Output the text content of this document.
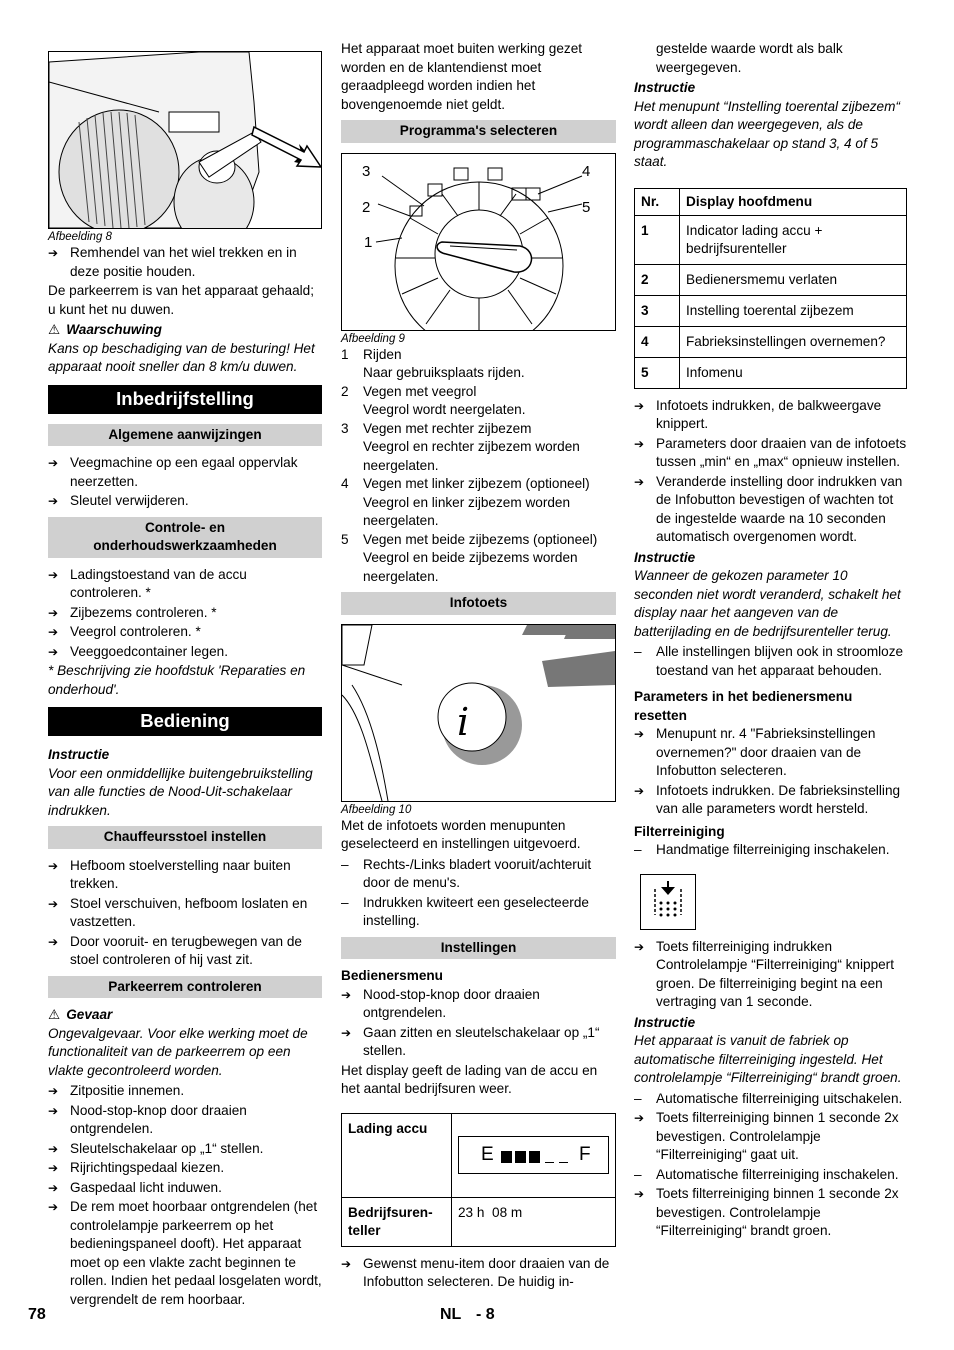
Afbeelding 8
➔ Remhendel van het wiel trekken en in deze positie houden.
De parkeerrem is van het apparaat gehaald; u kunt het nu duwen.
⚠ Waarschuwing
Kans op beschadiging van de besturing! Het apparaat nooit sneller dan 8 km/u duwen.
Inbedrijfstelling
Algemene aanwijzingen
➔ Veegmachine op een egaal oppervlak neerzetten.
➔ Sleutel verwijderen.
Controle- en onderhoudswerkzaamheden
➔ Ladingstoestand van de accu controleren. *
➔ Zijbezems controleren. *
➔ Veegrol controleren. *
➔ Veeggoedcontainer legen.
* Beschrijving zie hoofdstuk 'Reparaties en onderhoud'.
Bediening
Instructie
Voor een onmiddellijke buitengebruikstelling van alle functies de Nood-Uit-schakelaar indrukken.
Chauffeursstoel instellen
➔ Hefboom stoelverstelling naar buiten trekken.
➔ Stoel verschuiven, hefboom loslaten en vastzetten.
➔ Door vooruit- en terugbewegen van de stoel controleren of hij vast zit.
Parkeerrem controleren
⚠ Gevaar
Ongevalgevaar. Voor elke werking moet de functionaliteit van de parkeerrem op een vlakte gecontroleerd worden.
➔ Zitpositie innemen.
➔ Nood-stop-knop door draaien ontgrendelen.
➔ Sleutelschakelaar op „1“ stellen.
➔ Rijrichtingspedaal kiezen.
➔ Gaspedaal licht induwen.
➔ De rem moet hoorbaar ontgrendelen (het controlelampje parkeerrem op het bedieningspaneel dooft). Het apparaat moet op een vlakte zacht beginnen te rollen. Indien het pedaal losgelaten wordt, vergrendelt de rem hoorbaar.
Het apparaat moet buiten werking gezet worden en de klantendienst moet geraadpleegd worden indien het bovengenoemde niet geldt.
Programma's selecteren
1
2
3	4
5
Afbeelding 9
1 Rijden
Naar gebruiksplaats rijden.
2 Vegen met veegrol
Veegrol wordt neergelaten.
3 Vegen met rechter zijbezem
Veegrol en rechter zijbezem worden neergelaten.
4 Vegen met linker zijbezem (optioneel)
Veegrol en linker zijbezem worden neergelaten.
5 Vegen met beide zijbezems (optioneel)
Veegrol en beide zijbezems worden neergelaten.
Infotoets
i
Afbeelding 10
Met de infotoets worden menupunten geselecteerd en instellingen uitgevoerd.
– Rechts-/Links bladert vooruit/achteruit door de menu's.
– Indrukken kwiteert een geselecteerde instelling.
Instellingen
Bedienersmenu
➔ Nood-stop-knop door draaien ontgrendelen.
➔ Gaan zitten en sleutelschakelaar op „1“ stellen.
Het display geeft de lading van de accu en het aantal bedrijfsuren weer.
Lading accu	E F

Bedrijfsurenteller	23 h  08 m
➔ Gewenst menu-item door draaien van de Infobutton selecteren. De huidig in-
gestelde waarde wordt als balk weergegeven.
Instructie
Het menupunt “Instelling toerental zijbezem“ wordt alleen dan weergegeven, als de programmaschakelaar op stand 3, 4 of 5 staat.
Nr.	Display hoofdmenu
1	Indicator lading accu + bedrijfsurenteller
2	Bedienersmemu verlaten
3	Instelling toerental zijbezem
4	Fabrieksinstellingen overnemen?
5	Infomenu
➔ Infotoets indrukken, de balkweergave knippert.
➔ Parameters door draaien van de infotoets tussen „min“ en „max“ opnieuw instellen.
➔ Veranderde instelling door indrukken van de Infobutton bevestigen of wachten tot de ingestelde waarde na 10 seconden automatisch overgenomen wordt.
Instructie
Wanneer de gekozen parameter 10 seconden niet wordt veranderd, schakelt het display naar het aangeven van de batterijlading en de bedrijfsurenteller terug.
– Alle instellingen blijven ook in stroomloze toestand van het apparaat behouden.
Parameters in het bedienersmenu resetten
➔ Menupunt nr. 4 "Fabrieksinstellingen overnemen?" door draaien van de Infobutton selecteren.
➔ Infotoets indrukken. De fabrieksinstelling van alle parameters wordt hersteld.
Filterreiniging
– Handmatige filterreiniging inschakelen.
➔ Toets filterreiniging indrukken Controlelampje “Filterreiniging“ knippert groen. De filterreiniging begint na een vertraging van 1 seconde.
Instructie
Het apparaat is vanuit de fabriek op automatische filterreiniging ingesteld. Het controlelampje “Filterreiniging“ brandt groen.
– Automatische filterreiniging uitschakelen.
➔ Toets filterreiniging binnen 1 seconde 2x bevestigen. Controlelampje “Filterreiniging“ gaat uit.
– Automatische filterreiniging inschakelen.
➔ Toets filterreiniging binnen 1 seconde 2x bevestigen. Controlelampje “Filterreiniging“ brandt groen.
78	NL - 8
